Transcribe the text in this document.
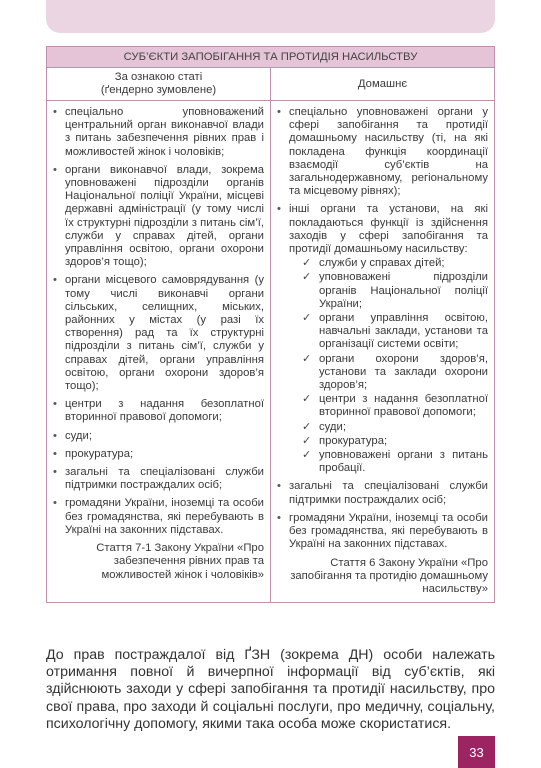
СУБ’ЄКТИ ЗАПОБІГАННЯ ТА ПРОТИДІЯ НАСИЛЬСТВУ
За ознакою статі
(ґендерно зумовлене)
Домашнє
• спеціально уповноважений центральний орган виконавчої влади з питань забезпечення рівних прав і можливостей жінок і чоловіків;
• органи виконавчої влади, зокрема уповноважені підрозділи органів Національної поліції України, місцеві державні адміністрації (у тому числі їх структурні підрозділи з питань сім’ї, служби у справах дітей, органи управління освітою, органи охорони здоров’я тощо);
• органи місцевого самоврядування (у тому числі виконавчі органи сільських, селищних, міських, районних у містах (у разі їх створення) рад та їх структурні підрозділи з питань сім’ї, служби у справах дітей, органи управління освітою, органи охорони здоров’я тощо);
• центри з надання безоплатної вторинної правової допомоги;
• суди;
• прокуратура;
• загальні та спеціалізовані служби підтримки постраждалих осіб;
• громадяни України, іноземці та особи без громадянства, які перебувають в Україні на законних підставах.
Стаття 7-1 Закону України «Про забезпечення рівних прав та можливостей жінок і чоловіків»
• спеціально уповноважені органи у сфері запобігання та протидії домашньому насильству (ті, на які покладена функція координації взаємодії суб’єктів на загальнодержавному, регіональному та місцевому рівнях);
• інші органи та установи, на які покладаються функції із здійснення заходів у сфері запобігання та протидії домашньому насильству:
✓ служби у справах дітей;
✓ уповноважені підрозділи органів Національної поліції України;
✓ органи управління освітою, навчальні заклади, установи та організації системи освіти;
✓ органи охорони здоров’я, установи та заклади охорони здоров’я;
✓ центри з надання безоплатної вторинної правової допомоги;
✓ суди;
✓ прокуратура;
✓ уповноважені органи з питань пробації.
• загальні та спеціалізовані служби підтримки постраждалих осіб;
• громадяни України, іноземці та особи без громадянства, які перебувають в Україні на законних підставах.
Стаття 6 Закону України «Про запобігання та протидію домашньому насильству»

До прав постраждалої від ҐЗН (зокрема ДН) особи належать отримання повної й вичерпної інформації від суб’єктів, які здійснюють заходи у сфері запобігання та протидії насильству, про свої права, про заходи й соціальні послуги, про медичну, соціальну, психологічну допомогу, якими така особа може скористатися.

33
